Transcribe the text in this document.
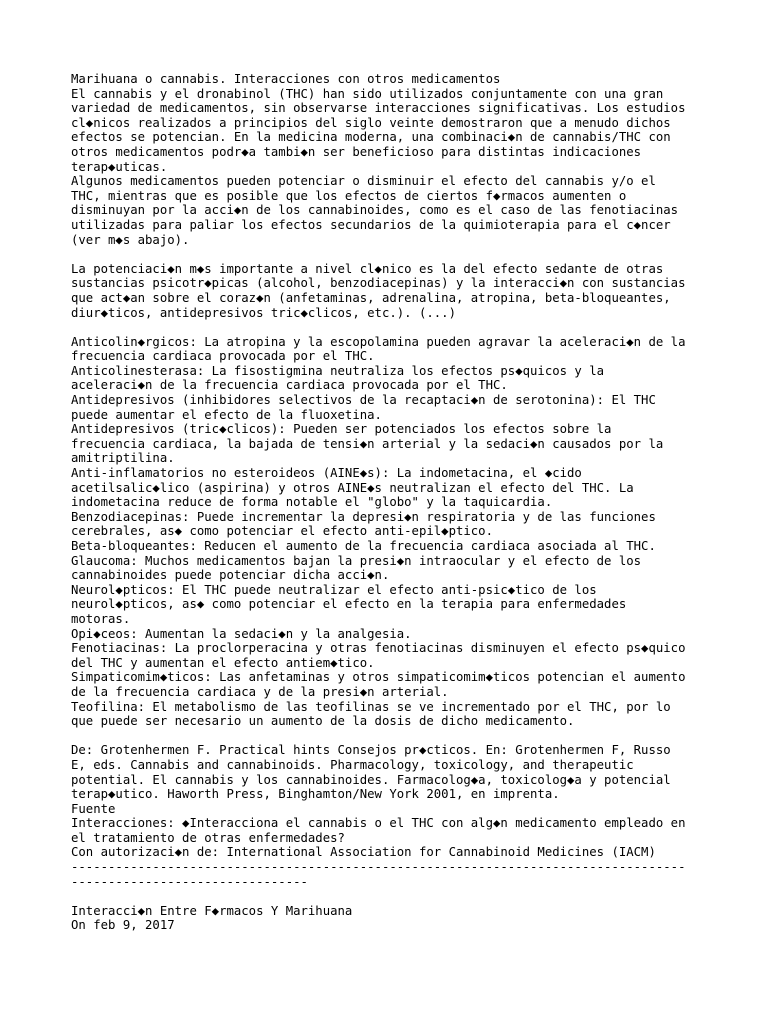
Marihuana o cannabis. Interacciones con otros medicamentos
El cannabis y el dronabinol (THC) han sido utilizados conjuntamente con una gran
variedad de medicamentos, sin observarse interacciones significativas. Los estudios
cl◆nicos realizados a principios del siglo veinte demostraron que a menudo dichos
efectos se potencian. En la medicina moderna, una combinaci◆n de cannabis/THC con
otros medicamentos podr◆a tambi◆n ser beneficioso para distintas indicaciones
terap◆uticas.
Algunos medicamentos pueden potenciar o disminuir el efecto del cannabis y/o el
THC, mientras que es posible que los efectos de ciertos f◆rmacos aumenten o
disminuyan por la acci◆n de los cannabinoides, como es el caso de las fenotiacinas
utilizadas para paliar los efectos secundarios de la quimioterapia para el c◆ncer
(ver m◆s abajo).
La potenciaci◆n m◆s importante a nivel cl◆nico es la del efecto sedante de otras
sustancias psicotr◆picas (alcohol, benzodiacepinas) y la interacci◆n con sustancias
que act◆an sobre el coraz◆n (anfetaminas, adrenalina, atropina, beta-bloqueantes,
diur◆ticos, antidepresivos tric◆clicos, etc.). (...)
Anticolin◆rgicos: La atropina y la escopolamina pueden agravar la aceleraci◆n de la
frecuencia cardiaca provocada por el THC.
Anticolinesterasa: La fisostigmina neutraliza los efectos ps◆quicos y la
aceleraci◆n de la frecuencia cardiaca provocada por el THC.
Antidepresivos (inhibidores selectivos de la recaptaci◆n de serotonina): El THC
puede aumentar el efecto de la fluoxetina.
Antidepresivos (tric◆clicos): Pueden ser potenciados los efectos sobre la
frecuencia cardiaca, la bajada de tensi◆n arterial y la sedaci◆n causados por la
amitriptilina.
Anti-inflamatorios no esteroideos (AINE◆s): La indometacina, el ◆cido
acetilsalic◆lico (aspirina) y otros AINE◆s neutralizan el efecto del THC. La
indometacina reduce de forma notable el "globo" y la taquicardia.
Benzodiacepinas: Puede incrementar la depresi◆n respiratoria y de las funciones
cerebrales, as◆ como potenciar el efecto anti-epil◆ptico.
Beta-bloqueantes: Reducen el aumento de la frecuencia cardiaca asociada al THC.
Glaucoma: Muchos medicamentos bajan la presi◆n intraocular y el efecto de los
cannabinoides puede potenciar dicha acci◆n.
Neurol◆pticos: El THC puede neutralizar el efecto anti-psic◆tico de los
neurol◆pticos, as◆ como potenciar el efecto en la terapia para enfermedades
motoras.
Opi◆ceos: Aumentan la sedaci◆n y la analgesia.
Fenotiacinas: La proclorperacina y otras fenotiacinas disminuyen el efecto ps◆quico
del THC y aumentan el efecto antiem◆tico.
Simpaticomim◆ticos: Las anfetaminas y otros simpaticomim◆ticos potencian el aumento
de la frecuencia cardiaca y de la presi◆n arterial.
Teofilina: El metabolismo de las teofilinas se ve incrementado por el THC, por lo
que puede ser necesario un aumento de la dosis de dicho medicamento.
De: Grotenhermen F. Practical hints Consejos pr◆cticos. En: Grotenhermen F, Russo
E, eds. Cannabis and cannabinoids. Pharmacology, toxicology, and therapeutic
potential. El cannabis y los cannabinoides. Farmacolog◆a, toxicolog◆a y potencial
terap◆utico. Haworth Press, Binghamton/New York 2001, en imprenta.
Fuente
Interacciones: ◆Interacciona el cannabis o el THC con alg◆n medicamento empleado en
el tratamiento de otras enfermedades?
Con autorizaci◆n de: International Association for Cannabinoid Medicines (IACM)
-----------------------------------------------------------------------------------
--------------------------------
Interacci◆n Entre F◆rmacos Y Marihuana
On feb 9, 2017
